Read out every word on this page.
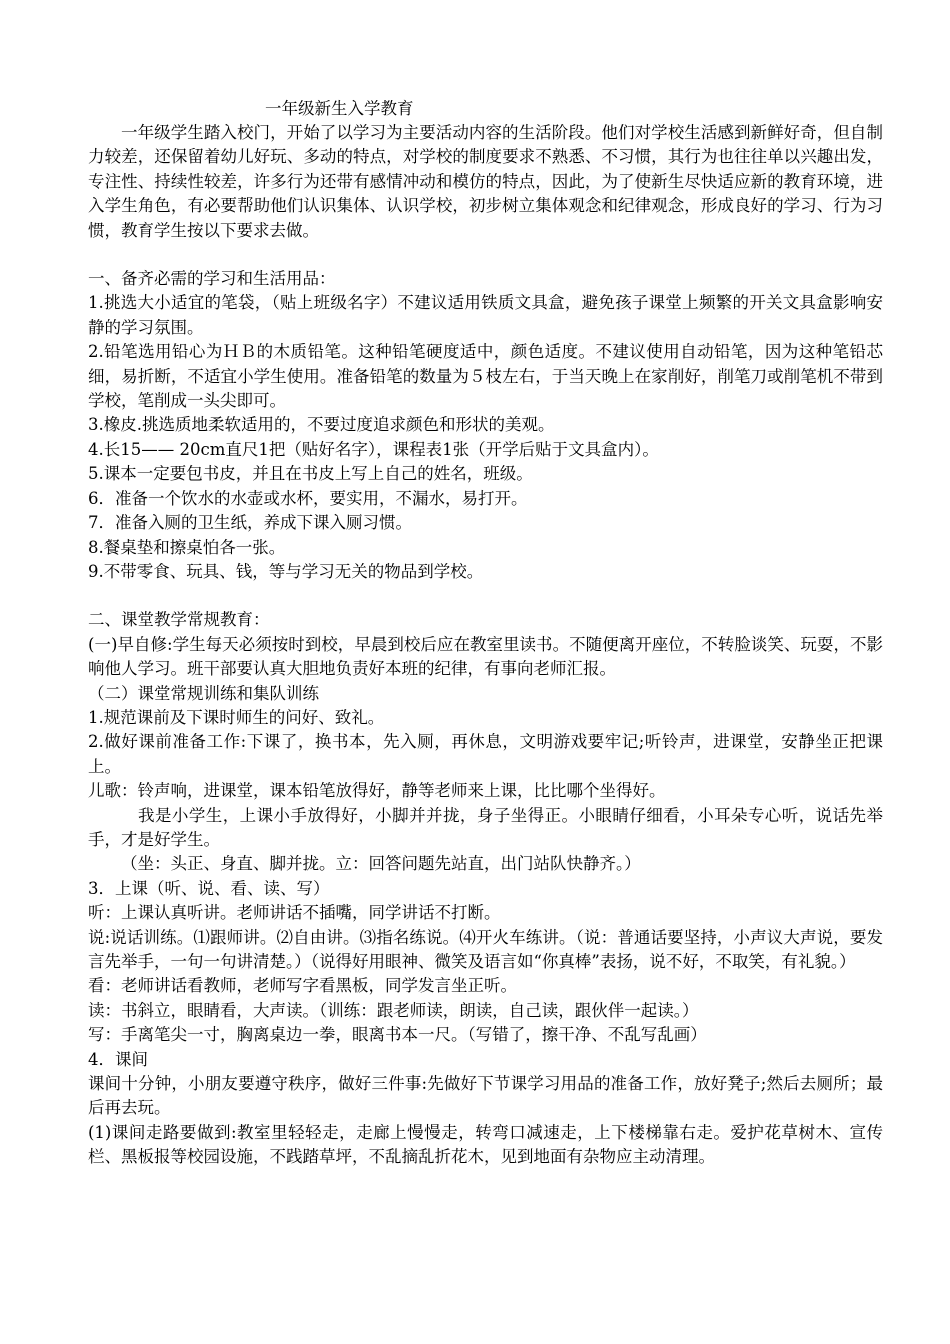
一年级新生入学教育

一年级学生踏入校门，开始了以学习为主要活动内容的生活阶段。他们对学校生活感到新鲜好奇，但自制力较差，还保留着幼儿好玩、多动的特点，对学校的制度要求不熟悉、不习惯，其行为也往往单以兴趣出发，专注性、持续性较差，许多行为还带有感情冲动和模仿的特点，因此，为了使新生尽快适应新的教育环境，进入学生角色，有必要帮助他们认识集体、认识学校，初步树立集体观念和纪律观念，形成良好的学习、行为习惯，教育学生按以下要求去做。

一、备齐必需的学习和生活用品：

1.挑选大小适宜的笔袋，（贴上班级名字）不建议适用铁质文具盒，避免孩子课堂上频繁的开关文具盒影响安静的学习氛围。

2.铅笔选用铅心为ＨＢ的木质铅笔。这种铅笔硬度适中，颜色适度。不建议使用自动铅笔，因为这种笔铅芯细，易折断，不适宜小学生使用。准备铅笔的数量为５枝左右，于当天晚上在家削好，削笔刀或削笔机不带到学校，笔削成一头尖即可。

3.橡皮.挑选质地柔软适用的，不要过度追求颜色和形状的美观。

4.长15—— 20cm直尺1把（贴好名字），课程表1张（开学后贴于文具盒内）。

5.课本一定要包书皮，并且在书皮上写上自己的姓名，班级。

6．准备一个饮水的水壶或水杯，要实用，不漏水，易打开。

7．准备入厕的卫生纸，养成下课入厕习惯。

8.餐桌垫和擦桌怕各一张。

9.不带零食、玩具、钱，等与学习无关的物品到学校。

二、课堂教学常规教育：

(一)早自修:学生每天必须按时到校，早晨到校后应在教室里读书。不随便离开座位，不转脸谈笑、玩耍，不影响他人学习。班干部要认真大胆地负责好本班的纪律，有事向老师汇报。

（二）课堂常规训练和集队训练

1.规范课前及下课时师生的问好、致礼。

2.做好课前准备工作:下课了，换书本，先入厕，再休息，文明游戏要牢记;听铃声，进课堂，安静坐正把课上。

儿歌：铃声响，进课堂，课本铅笔放得好，静等老师来上课，比比哪个坐得好。

我是小学生，上课小手放得好，小脚并并拢，身子坐得正。小眼睛仔细看，小耳朵专心听，说话先举手，才是好学生。

（坐：头正、身直、脚并拢。立：回答问题先站直，出门站队快静齐。）

3．上课（听、说、看、读、写）

听：上课认真听讲。老师讲话不插嘴，同学讲话不打断。

说:说话训练。⑴跟师讲。⑵自由讲。⑶指名练说。⑷开火车练讲。（说：普通话要坚持，小声议大声说，要发言先举手，一句一句讲清楚。）（说得好用眼神、微笑及语言如“你真棒”表扬，说不好，不取笑，有礼貌。）

看：老师讲话看教师，老师写字看黑板，同学发言坐正听。

读：书斜立，眼睛看，大声读。（训练：跟老师读，朗读，自己读，跟伙伴一起读。）

写：手离笔尖一寸，胸离桌边一拳，眼离书本一尺。（写错了，擦干净、不乱写乱画）

4．课间

课间十分钟，小朋友要遵守秩序，做好三件事:先做好下节课学习用品的准备工作，放好凳子;然后去厕所；最后再去玩。

(1)课间走路要做到:教室里轻轻走，走廊上慢慢走，转弯口减速走，上下楼梯靠右走。爱护花草树木、宣传栏、黑板报等校园设施，不践踏草坪，不乱摘乱折花木，见到地面有杂物应主动清理。
